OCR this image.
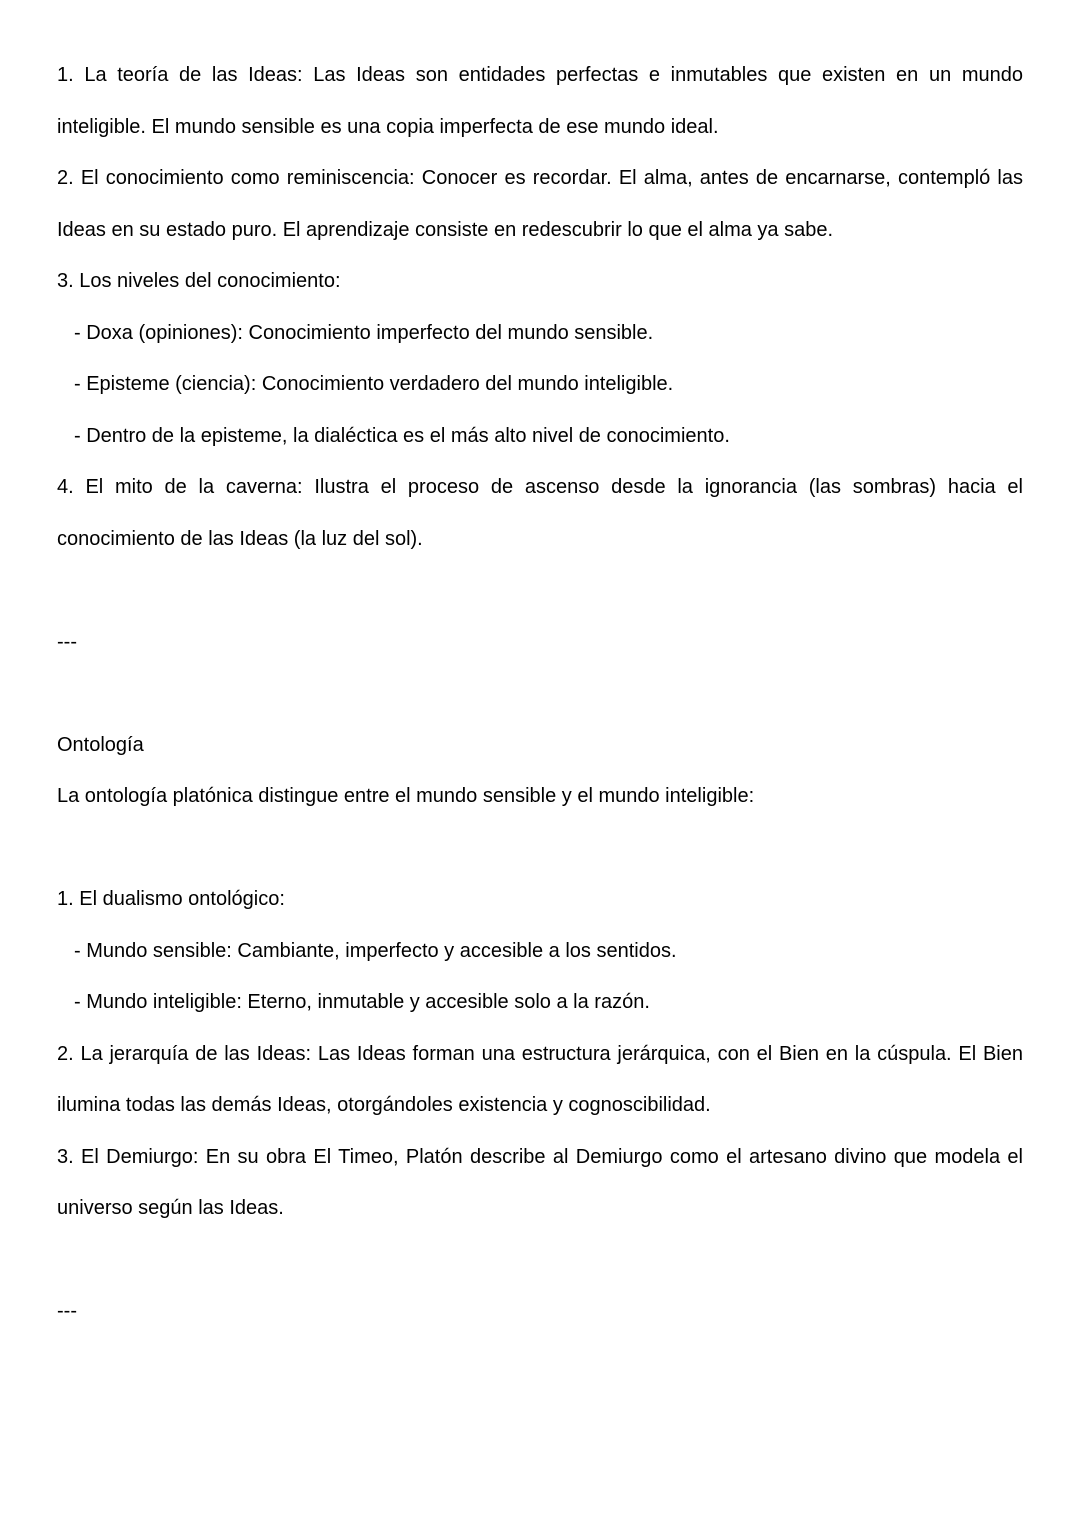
1. La teoría de las Ideas: Las Ideas son entidades perfectas e inmutables que existen en un mundo inteligible. El mundo sensible es una copia imperfecta de ese mundo ideal.

2. El conocimiento como reminiscencia: Conocer es recordar. El alma, antes de encarnarse, contempló las Ideas en su estado puro. El aprendizaje consiste en redescubrir lo que el alma ya sabe.

3. Los niveles del conocimiento:

- Doxa (opiniones): Conocimiento imperfecto del mundo sensible.

- Episteme (ciencia): Conocimiento verdadero del mundo inteligible.

- Dentro de la episteme, la dialéctica es el más alto nivel de conocimiento.

4. El mito de la caverna: Ilustra el proceso de ascenso desde la ignorancia (las sombras) hacia el conocimiento de las Ideas (la luz del sol).

---

Ontología

La ontología platónica distingue entre el mundo sensible y el mundo inteligible:

1. El dualismo ontológico:

- Mundo sensible: Cambiante, imperfecto y accesible a los sentidos.

- Mundo inteligible: Eterno, inmutable y accesible solo a la razón.

2. La jerarquía de las Ideas: Las Ideas forman una estructura jerárquica, con el Bien en la cúspula. El Bien ilumina todas las demás Ideas, otorgándoles existencia y cognoscibilidad.

3. El Demiurgo: En su obra El Timeo, Platón describe al Demiurgo como el artesano divino que modela el universo según las Ideas.

---
